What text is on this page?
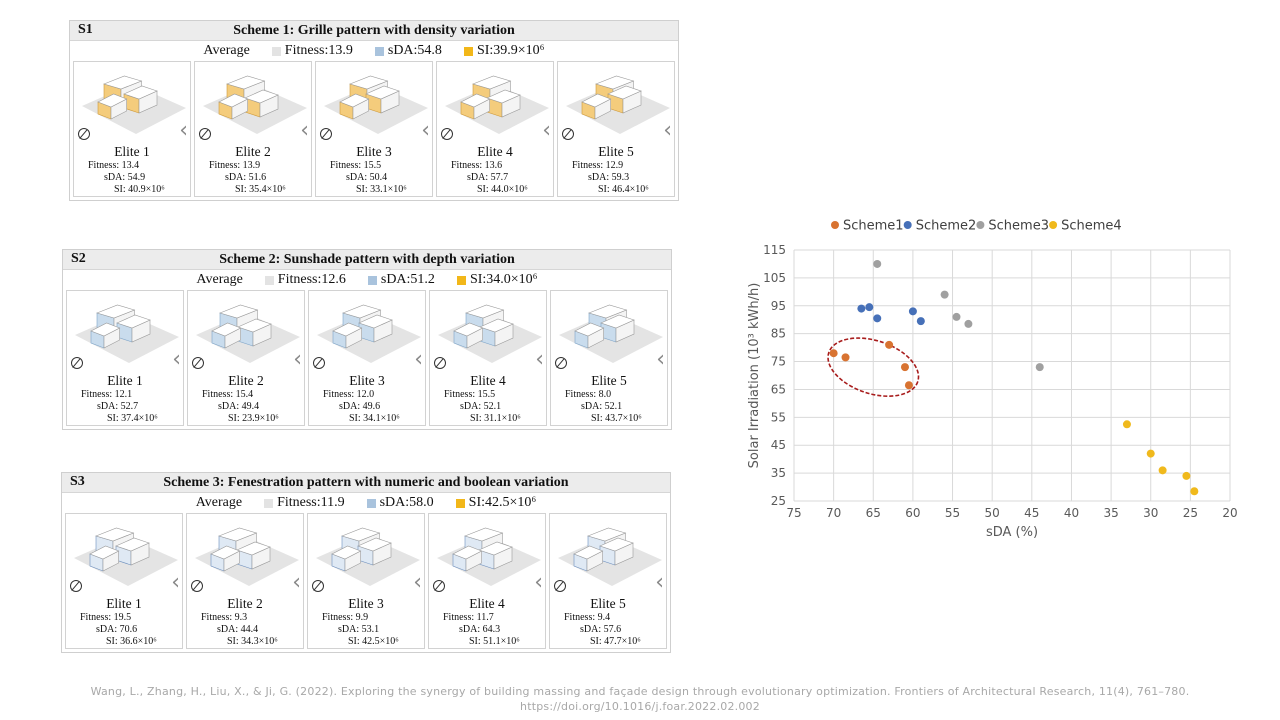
S1	Scheme 1: Grille pattern with density variation
Average	Fitness:13.9	sDA:54.8	SI:39.9×10⁶
‹
Elite 1
Fitness: 13.4
sDA: 54.9
SI: 40.9×10⁶
‹
Elite 2
Fitness: 13.9
sDA: 51.6
SI: 35.4×10⁶
‹
Elite 3
Fitness: 15.5
sDA: 50.4
SI: 33.1×10⁶
‹
Elite 4
Fitness: 13.6
sDA: 57.7
SI: 44.0×10⁶
‹
Elite 5
Fitness: 12.9
sDA: 59.3
SI: 46.4×10⁶
S2	Scheme 2: Sunshade pattern with depth variation
Average	Fitness:12.6	sDA:51.2	SI:34.0×10⁶
‹
Elite 1
Fitness: 12.1
sDA: 52.7
SI: 37.4×10⁶
‹
Elite 2
Fitness: 15.4
sDA: 49.4
SI: 23.9×10⁶
‹
Elite 3
Fitness: 12.0
sDA: 49.6
SI: 34.1×10⁶
‹
Elite 4
Fitness: 15.5
sDA: 52.1
SI: 31.1×10⁶
‹
Elite 5
Fitness: 8.0
sDA: 52.1
SI: 43.7×10⁶
S3	Scheme 3: Fenestration pattern with numeric and boolean variation
Average	Fitness:11.9	sDA:58.0	SI:42.5×10⁶
‹
Elite 1
Fitness: 19.5
sDA: 70.6
SI: 36.6×10⁶
‹
Elite 2
Fitness: 9.3
sDA: 44.4
SI: 34.3×10⁶
‹
Elite 3
Fitness: 9.9
sDA: 53.1
SI: 42.5×10⁶
‹
Elite 4
Fitness: 11.7
sDA: 64.3
SI: 51.1×10⁶
‹
Elite 5
Fitness: 9.4
sDA: 57.6
SI: 47.7×10⁶
75 70 65 60 55 50 45 40 35 30 25 20
25
35
45
55
65
75
85
95
105
115
sDA (%)
Solar Irradiation (10³ kWh/h)
Scheme1 Scheme2 Scheme3 Scheme4
Wang, L., Zhang, H., Liu, X., & Ji, G. (2022). Exploring the synergy of building massing and façade design through evolutionary optimization. Frontiers of Architectural Research, 11(4), 761–780.
https://doi.org/10.1016/j.foar.2022.02.002
